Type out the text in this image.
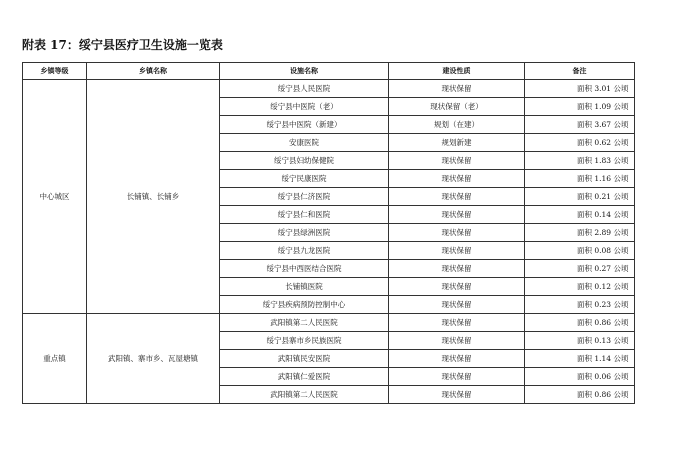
附表 17：绥宁县医疗卫生设施一览表
乡镇等级	乡镇名称	设施名称	建设性质	备注
中心城区	长铺镇、长铺乡	绥宁县人民医院	现状保留	面积 3.01 公顷
		绥宁县中医院（老）	现状保留（老）	面积 1.09 公顷
		绥宁县中医院（新建）	规划（在建）	面积 3.67 公顷
		安康医院	规划新建	面积 0.62 公顷
		绥宁县妇幼保健院	现状保留	面积 1.83 公顷
		绥宁民康医院	现状保留	面积 1.16 公顷
		绥宁县仁济医院	现状保留	面积 0.21 公顷
		绥宁县仁和医院	现状保留	面积 0.14 公顷
		绥宁县绿洲医院	现状保留	面积 2.89 公顷
		绥宁县九龙医院	现状保留	面积 0.08 公顷
		绥宁县中西医结合医院	现状保留	面积 0.27 公顷
		长铺镇医院	现状保留	面积 0.12 公顷
		绥宁县疾病预防控制中心	现状保留	面积 0.23 公顷
重点镇	武阳镇、寨市乡、瓦屋塘镇	武阳镇第二人民医院	现状保留	面积 0.86 公顷
		绥宁县寨市乡民族医院	现状保留	面积 0.13 公顷
		武阳镇民安医院	现状保留	面积 1.14 公顷
		武阳镇仁爱医院	现状保留	面积 0.06 公顷
		武阳镇第二人民医院	现状保留	面积 0.86 公顷
